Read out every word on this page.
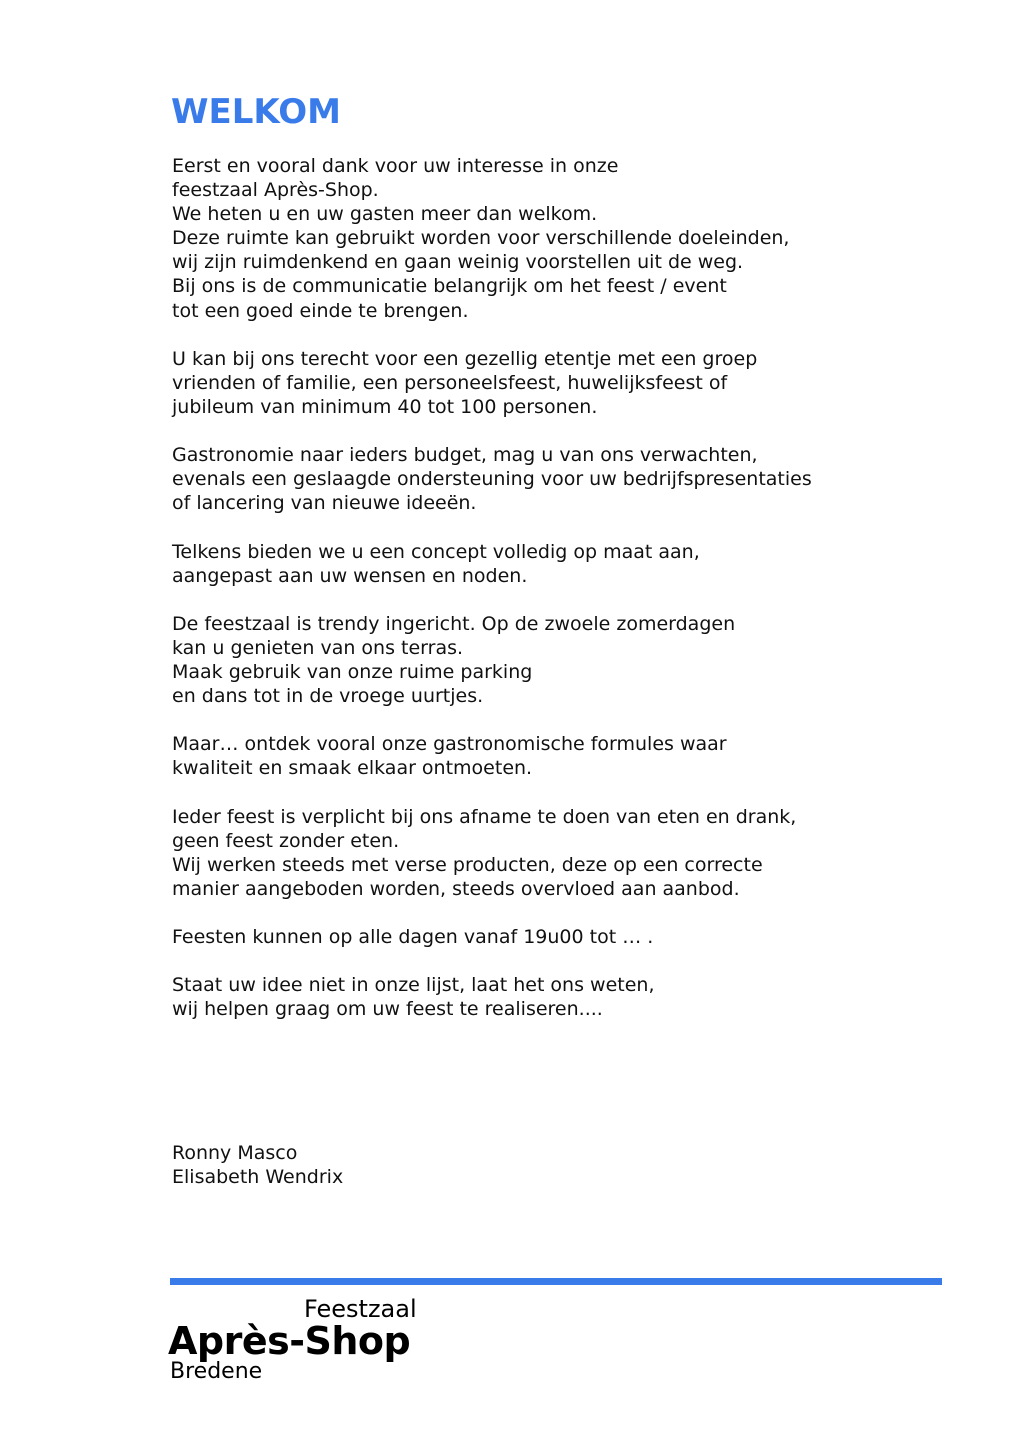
WELKOM

Eerst en vooral dank voor uw interesse in onze
feestzaal Après-Shop.
We heten u en uw gasten meer dan welkom.
Deze ruimte kan gebruikt worden voor verschillende doeleinden,
wij zijn ruimdenkend en gaan weinig voorstellen uit de weg.
Bij ons is de communicatie belangrijk om het feest / event
tot een goed einde te brengen.

U kan bij ons terecht voor een gezellig etentje met een groep
vrienden of familie, een personeelsfeest, huwelijksfeest of
jubileum van minimum 40 tot 100 personen.

Gastronomie naar ieders budget, mag u van ons verwachten,
evenals een geslaagde ondersteuning voor uw bedrijfspresentaties
of lancering van nieuwe ideeën.

Telkens bieden we u een concept volledig op maat aan,
aangepast aan uw wensen en noden.

De feestzaal is trendy ingericht. Op de zwoele zomerdagen
kan u genieten van ons terras.
Maak gebruik van onze ruime parking
en dans tot in de vroege uurtjes.

Maar… ontdek vooral onze gastronomische formules waar
kwaliteit en smaak elkaar ontmoeten.

Ieder feest is verplicht bij ons afname te doen van eten en drank,
geen feest zonder eten.
Wij werken steeds met verse producten, deze op een correcte
manier aangeboden worden, steeds overvloed aan aanbod.

Feesten kunnen op alle dagen vanaf 19u00 tot … .

Staat uw idee niet in onze lijst, laat het ons weten,
wij helpen graag om uw feest te realiseren....

Ronny Masco
Elisabeth Wendrix
Feestzaal
Après-Shop
Bredene
